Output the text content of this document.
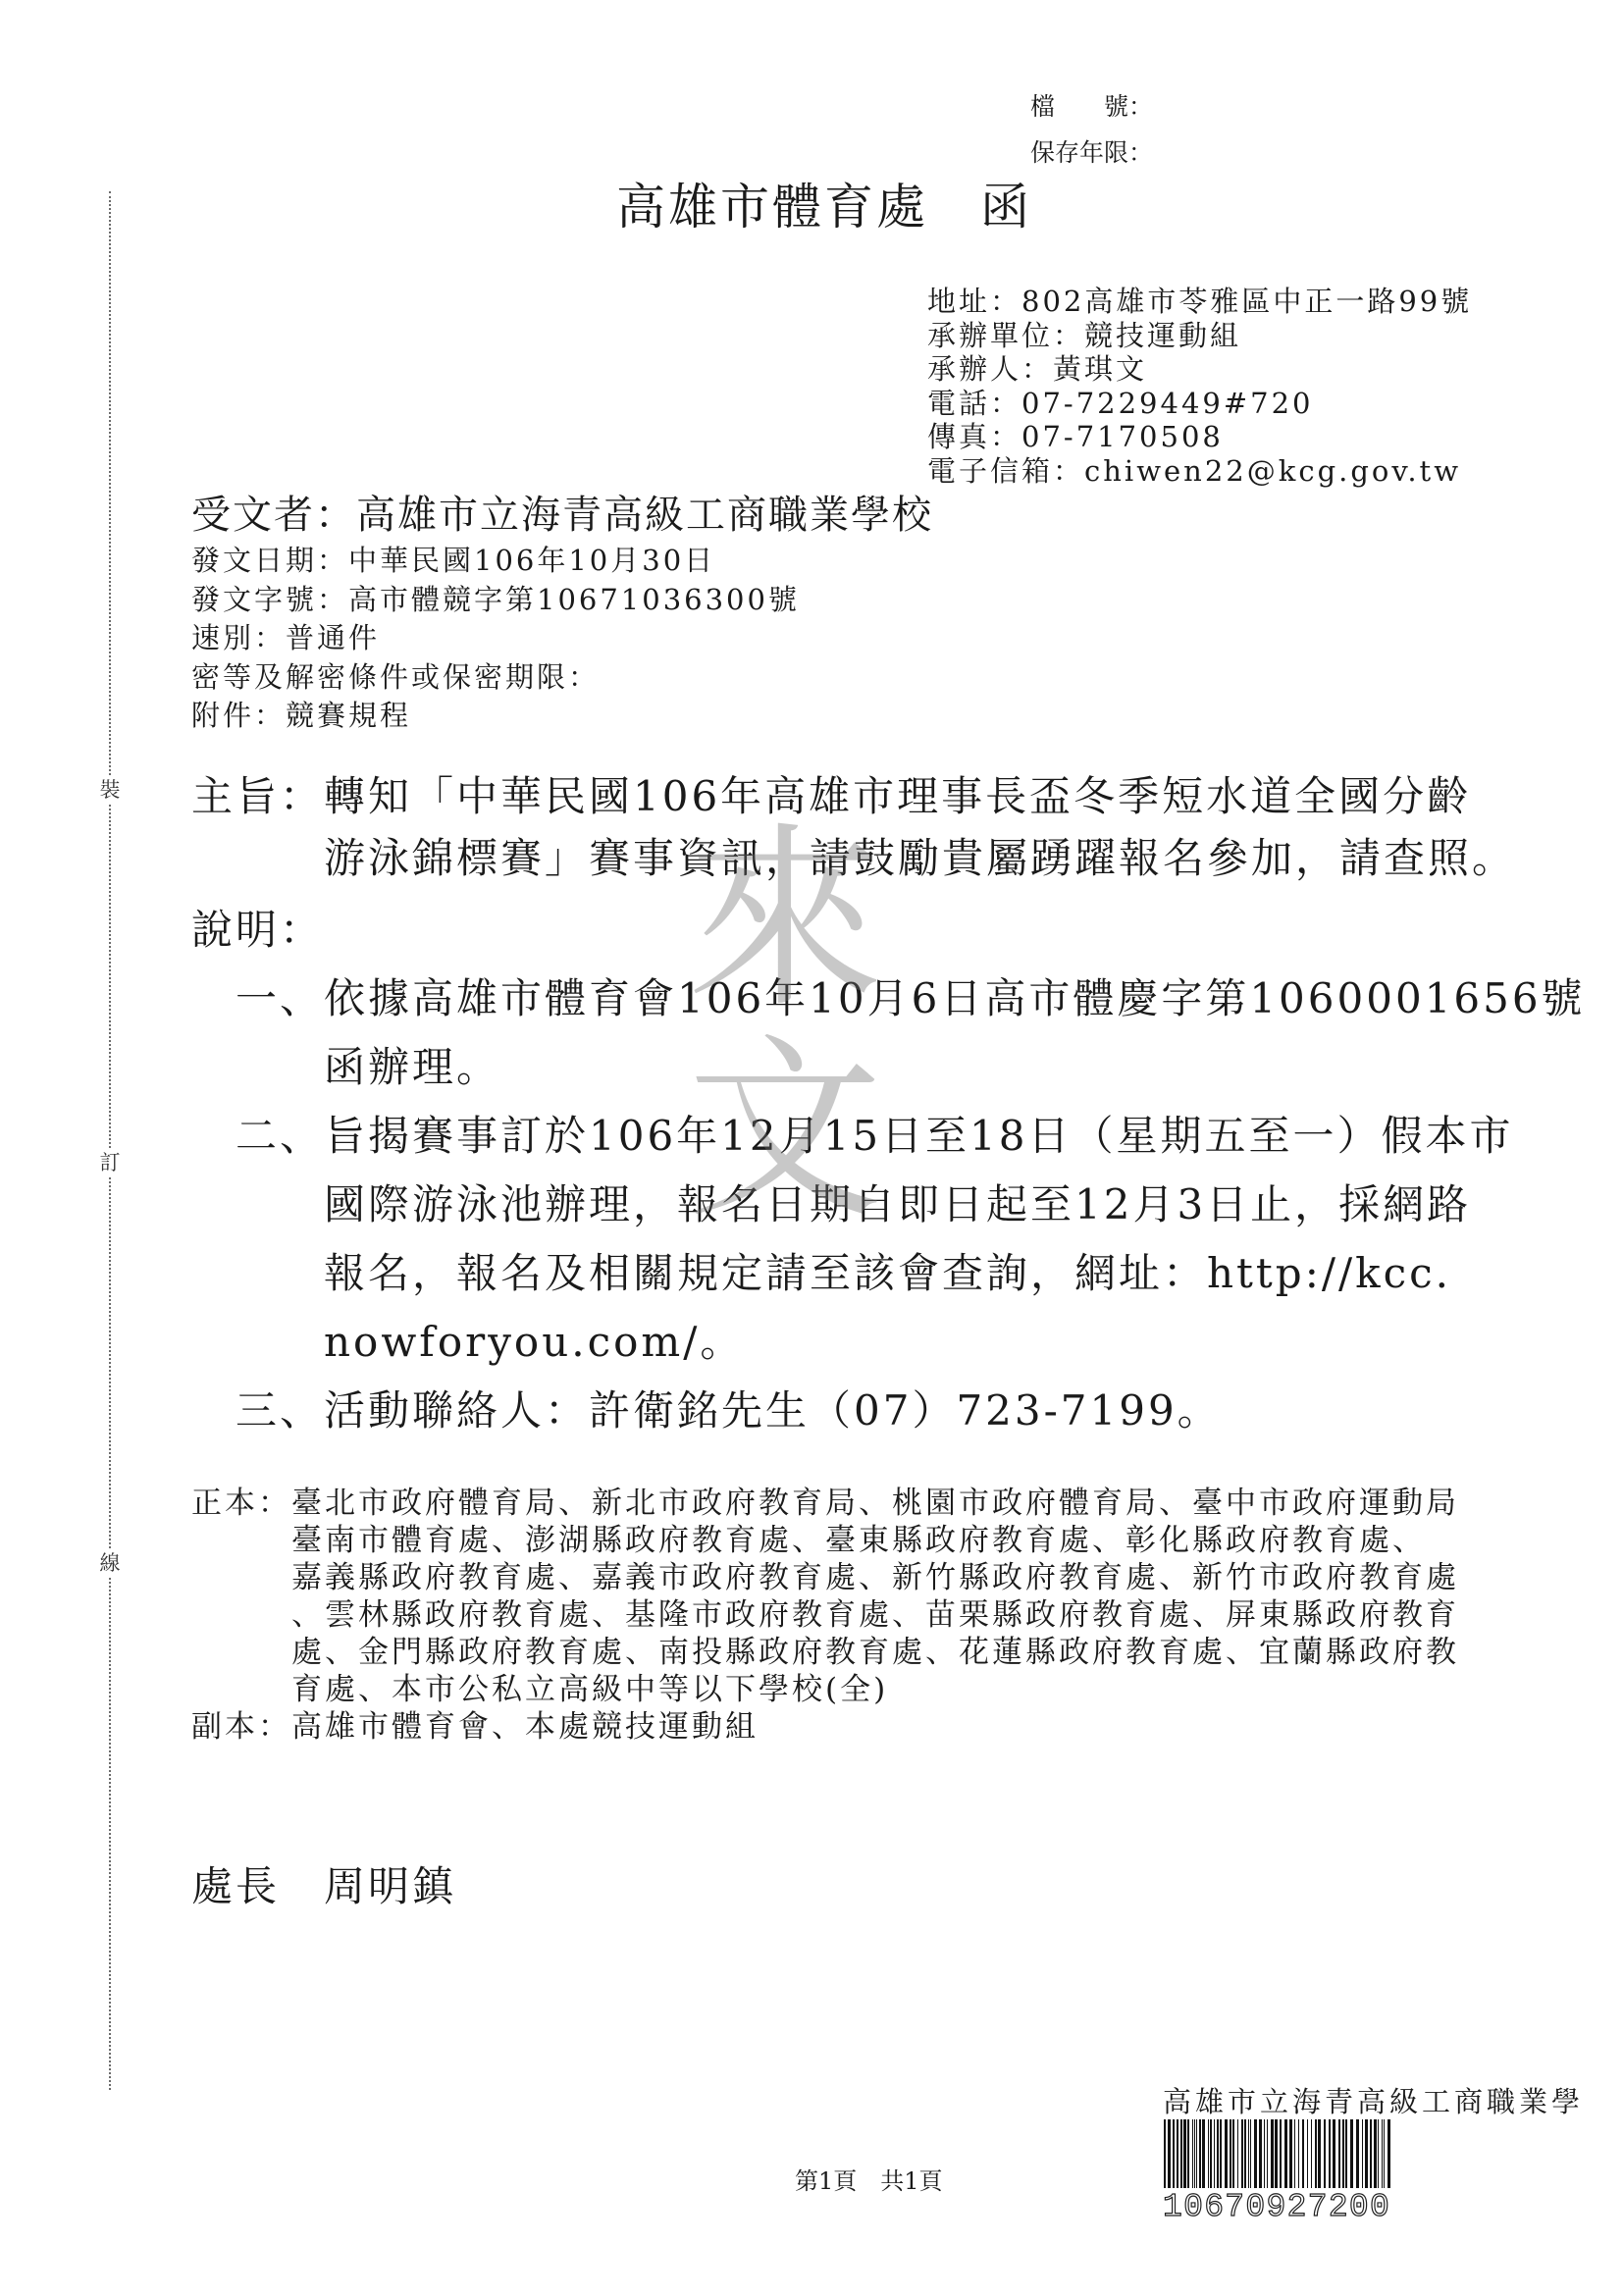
裝
訂
線
檔　　號：
保存年限：
高雄市體育處　函
地址：802高雄市苓雅區中正一路99號
承辦單位：競技運動組
承辦人：黃琪文
電話：07-7229449#720
傳真：07-7170508
電子信箱：chiwen22@kcg.gov.tw
受文者：高雄市立海青高級工商職業學校
發文日期：中華民國106年10月30日
發文字號：高市體競字第10671036300號
速別：普通件
密等及解密條件或保密期限：
附件：競賽規程
主旨： 轉知「中華民國106年高雄市理事長盃冬季短水道全國分齡
游泳錦標賽」賽事資訊，請鼓勵貴屬踴躍報名參加，請查照。
說明：
一、 依據高雄市體育會106年10月6日高市體慶字第1060001656號
函辦理。
二、 旨揭賽事訂於106年12月15日至18日（星期五至一）假本市
國際游泳池辦理，報名日期自即日起至12月3日止，採網路
報名，報名及相關規定請至該會查詢，網址：http://kcc.
nowforyou.com/。
三、 活動聯絡人：許衛銘先生（07）723-7199。
正本： 臺北市政府體育局、新北市政府教育局、桃園市政府體育局、臺中市政府運動局
臺南市體育處、澎湖縣政府教育處、臺東縣政府教育處、彰化縣政府教育處、
嘉義縣政府教育處、嘉義市政府教育處、新竹縣政府教育處、新竹市政府教育處
、雲林縣政府教育處、基隆市政府教育處、苗栗縣政府教育處、屏東縣政府教育
處、金門縣政府教育處、南投縣政府教育處、花蓮縣政府教育處、宜蘭縣政府教
育處、本市公私立高級中等以下學校(全)
副本： 高雄市體育會、本處競技運動組
處長　周明鎮
來
文
第1頁　共1頁
高雄市立海青高級工商職業學
10670927200
